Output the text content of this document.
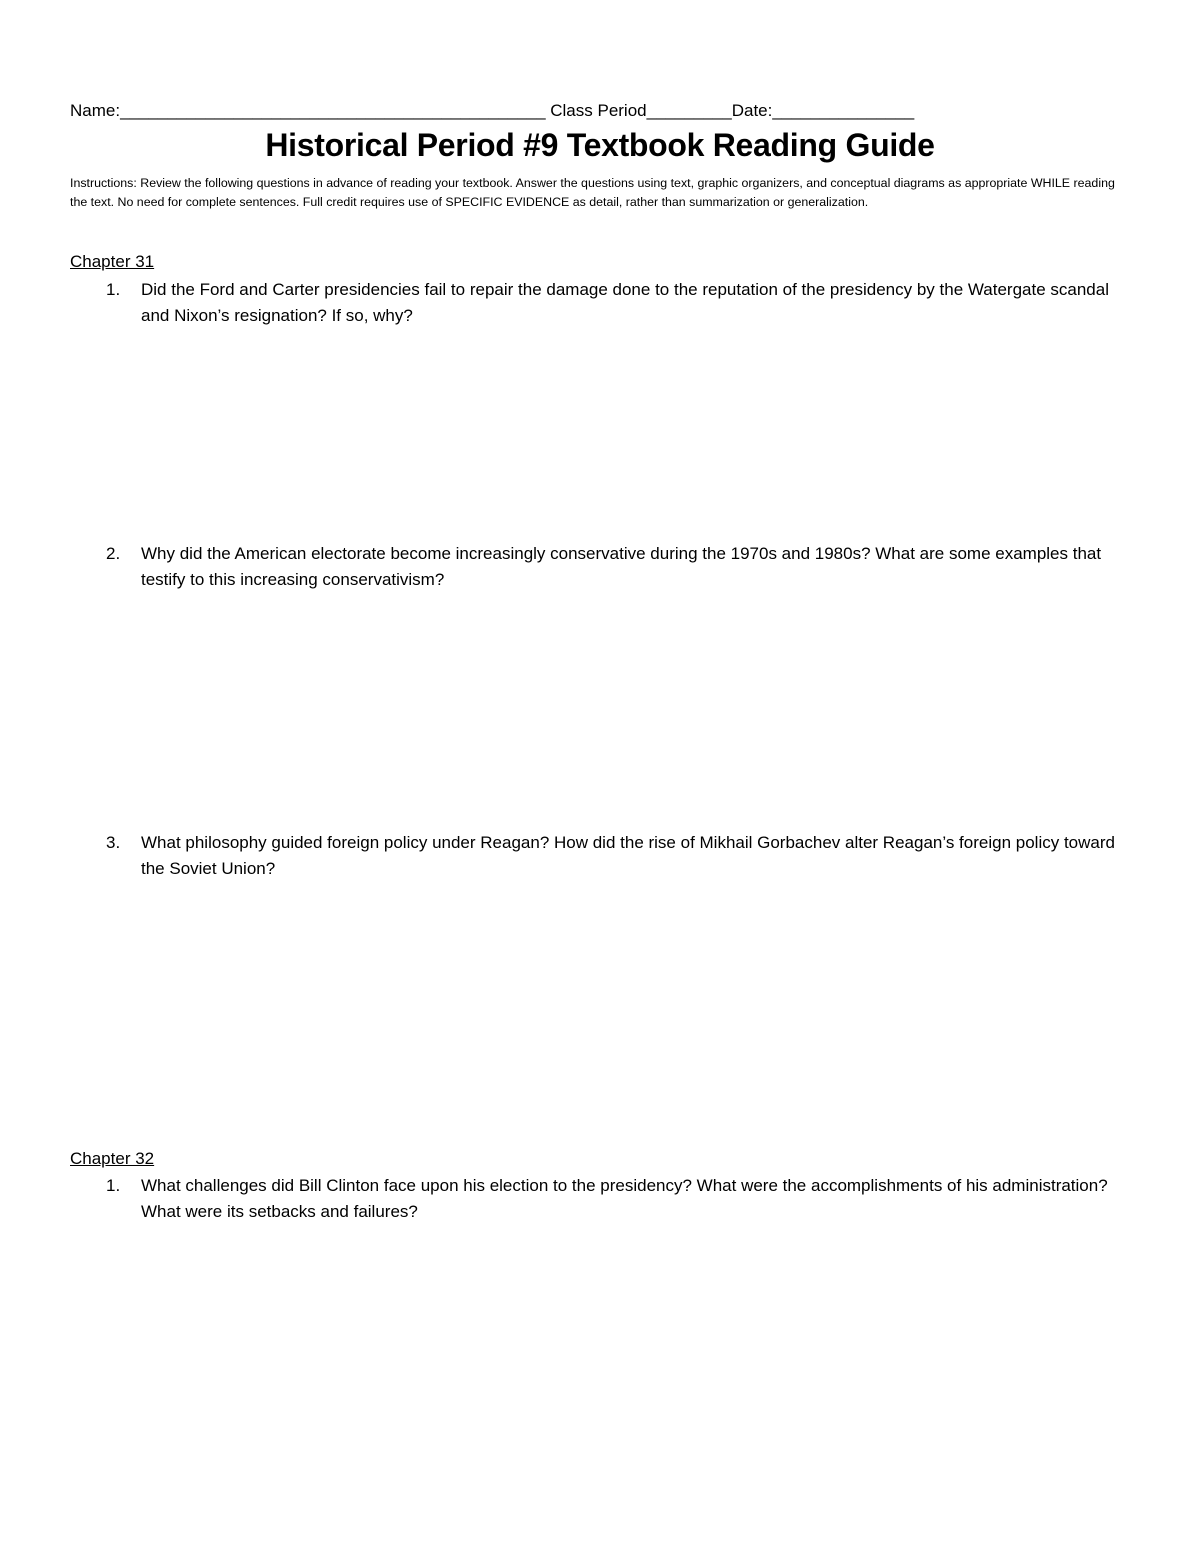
Name:_____________________________________________ Class Period_________Date:_______________
Historical Period #9 Textbook Reading Guide
Instructions: Review the following questions in advance of reading your textbook. Answer the questions using text, graphic organizers, and conceptual diagrams as appropriate WHILE reading the text. No need for complete sentences. Full credit requires use of SPECIFIC EVIDENCE as detail, rather than summarization or generalization.
Chapter 31
1.	Did the Ford and Carter presidencies fail to repair the damage done to the reputation of the presidency by the Watergate scandal and Nixon’s resignation? If so, why?
2.	Why did the American electorate become increasingly conservative during the 1970s and 1980s? What are some examples that testify to this increasing conservativism?
3.	What philosophy guided foreign policy under Reagan? How did the rise of Mikhail Gorbachev alter Reagan’s foreign policy toward the Soviet Union?
Chapter 32
1.	What challenges did Bill Clinton face upon his election to the presidency? What were the accomplishments of his administration? What were its setbacks and failures?
